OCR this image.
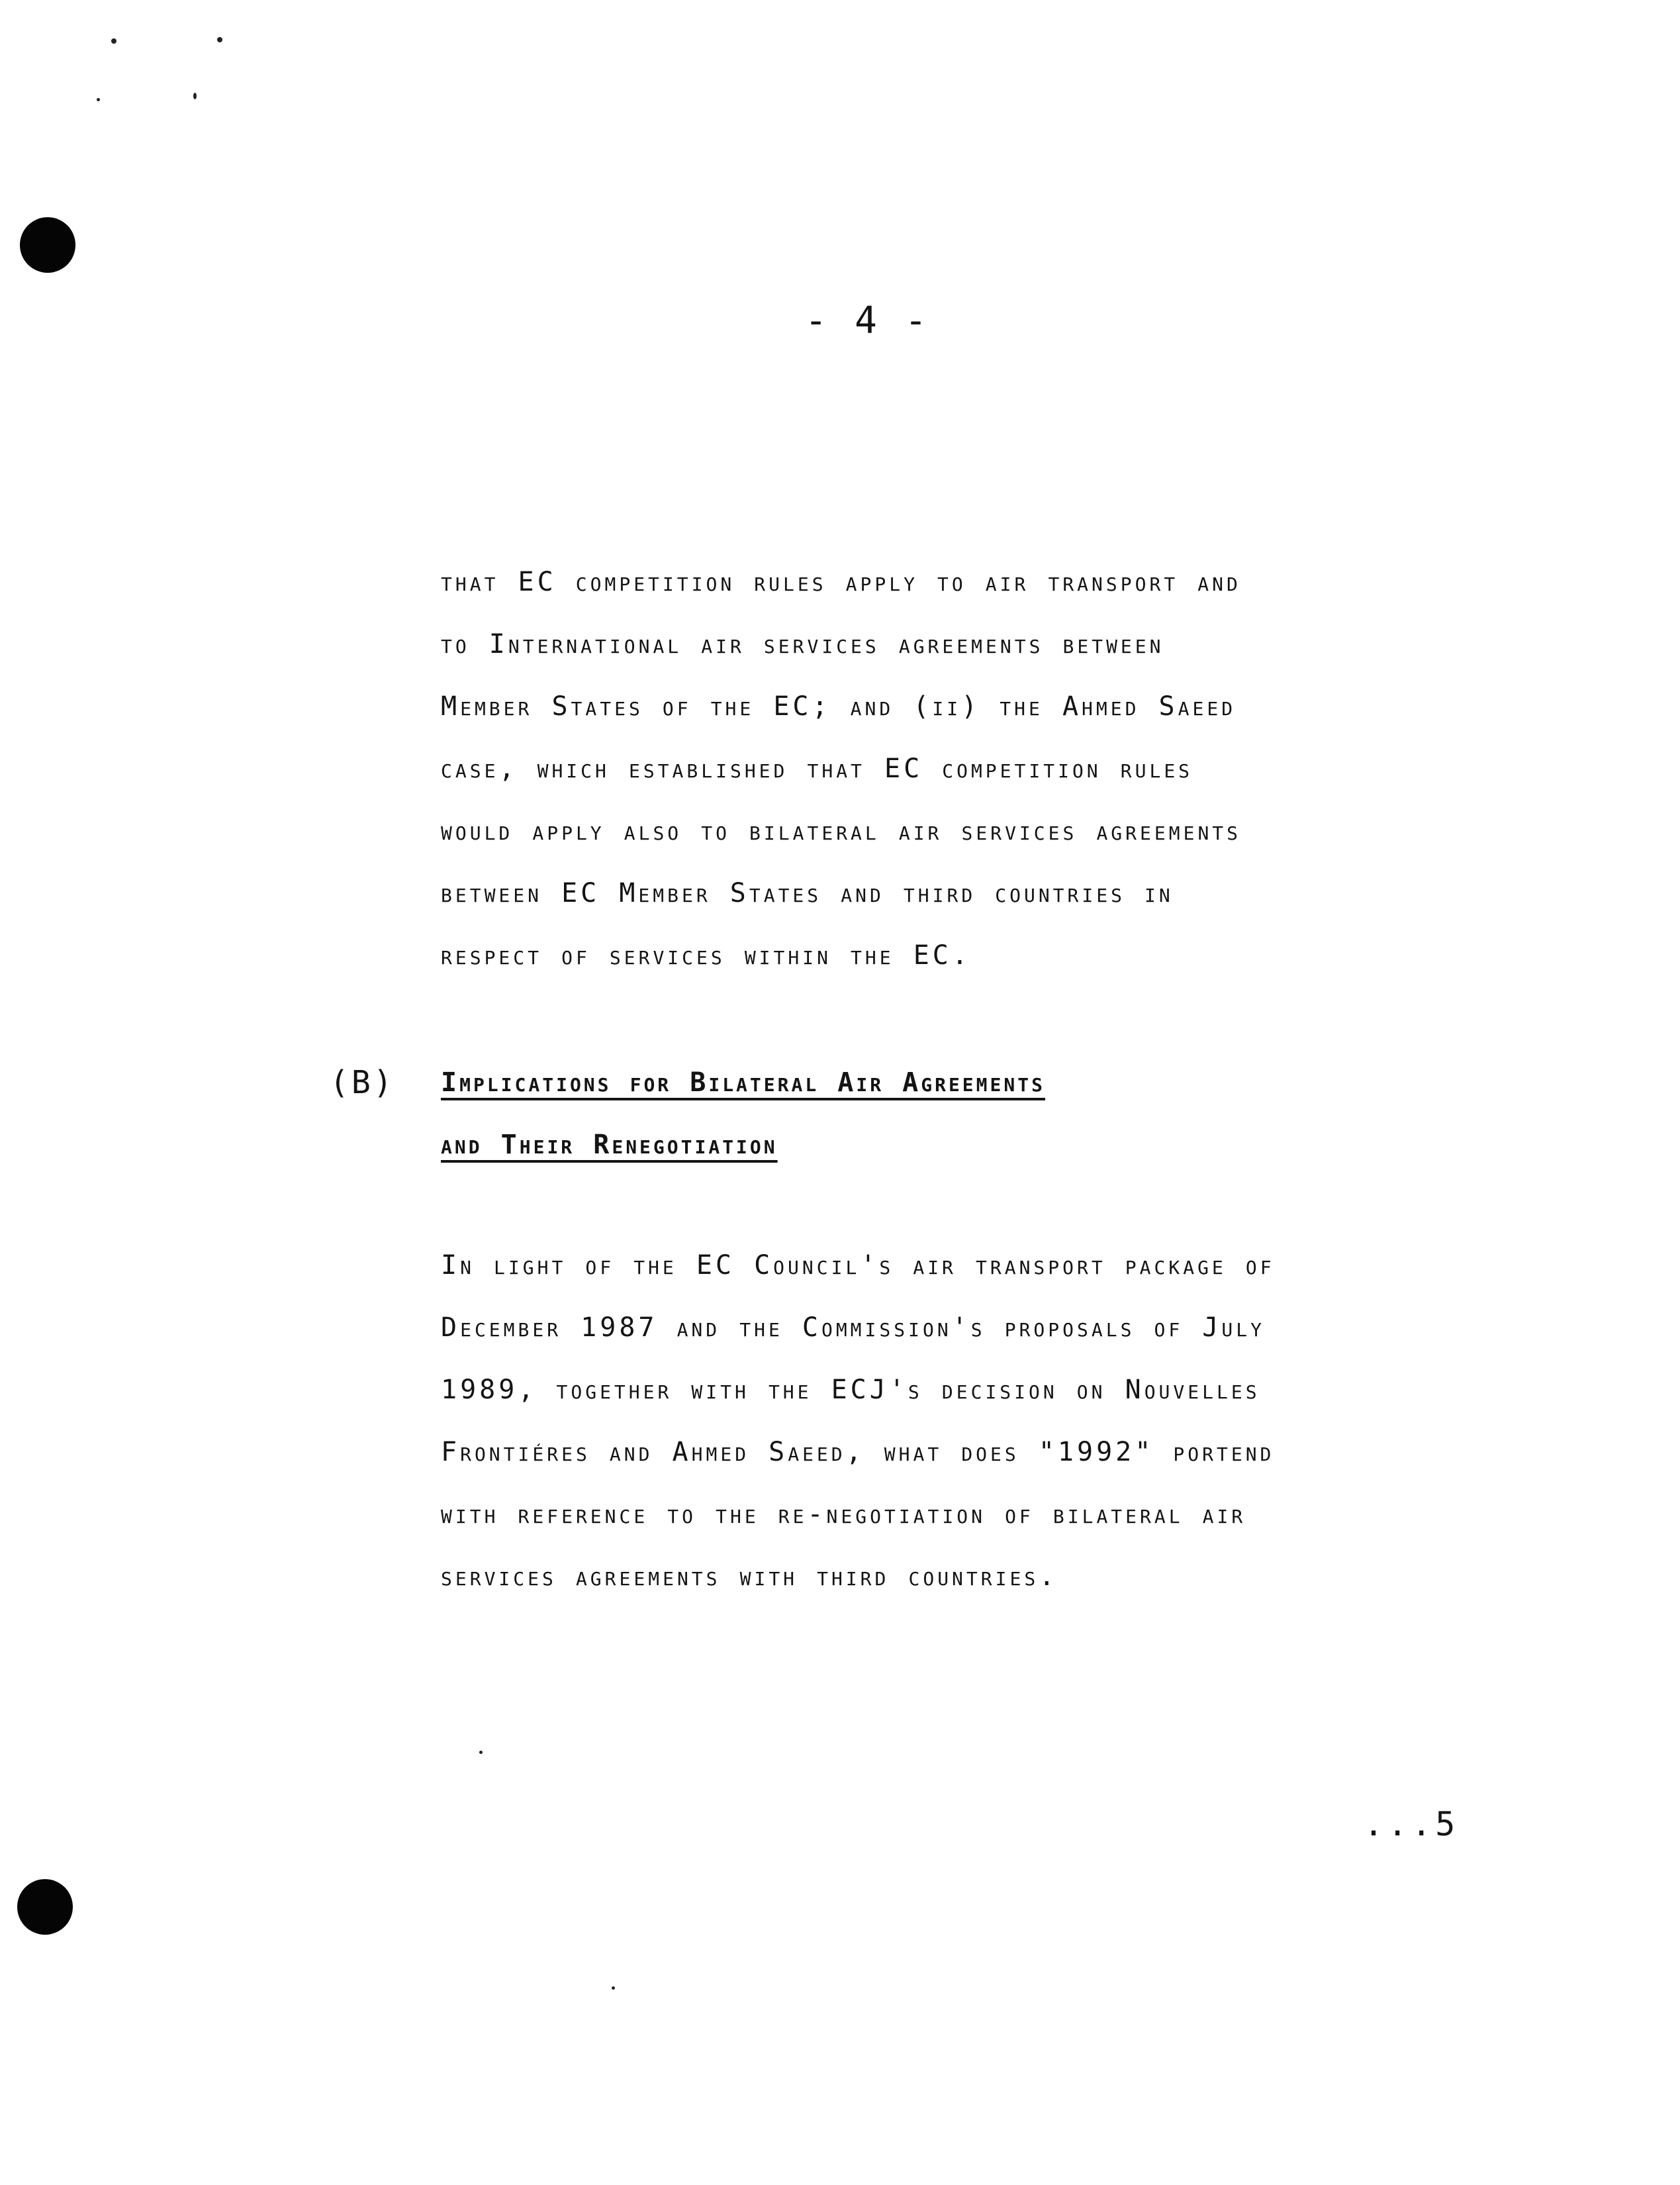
- 4 -
that EC competition rules apply to air transport and
to International air services agreements between
Member States of the EC; and (ii) the Ahmed Saeed
case, which established that EC competition rules
would apply also to bilateral air services agreements
between EC Member States and third countries in
respect of services within the EC.
(B) Implications for Bilateral Air Agreements
and Their Renegotiation
In light of the EC Council's air transport package of
December 1987 and the Commission's proposals of July
1989, together with the ECJ's decision on Nouvelles
Frontiéres and Ahmed Saeed, what does "1992" portend
with reference to the re-negotiation of bilateral air
services agreements with third countries.
...5
